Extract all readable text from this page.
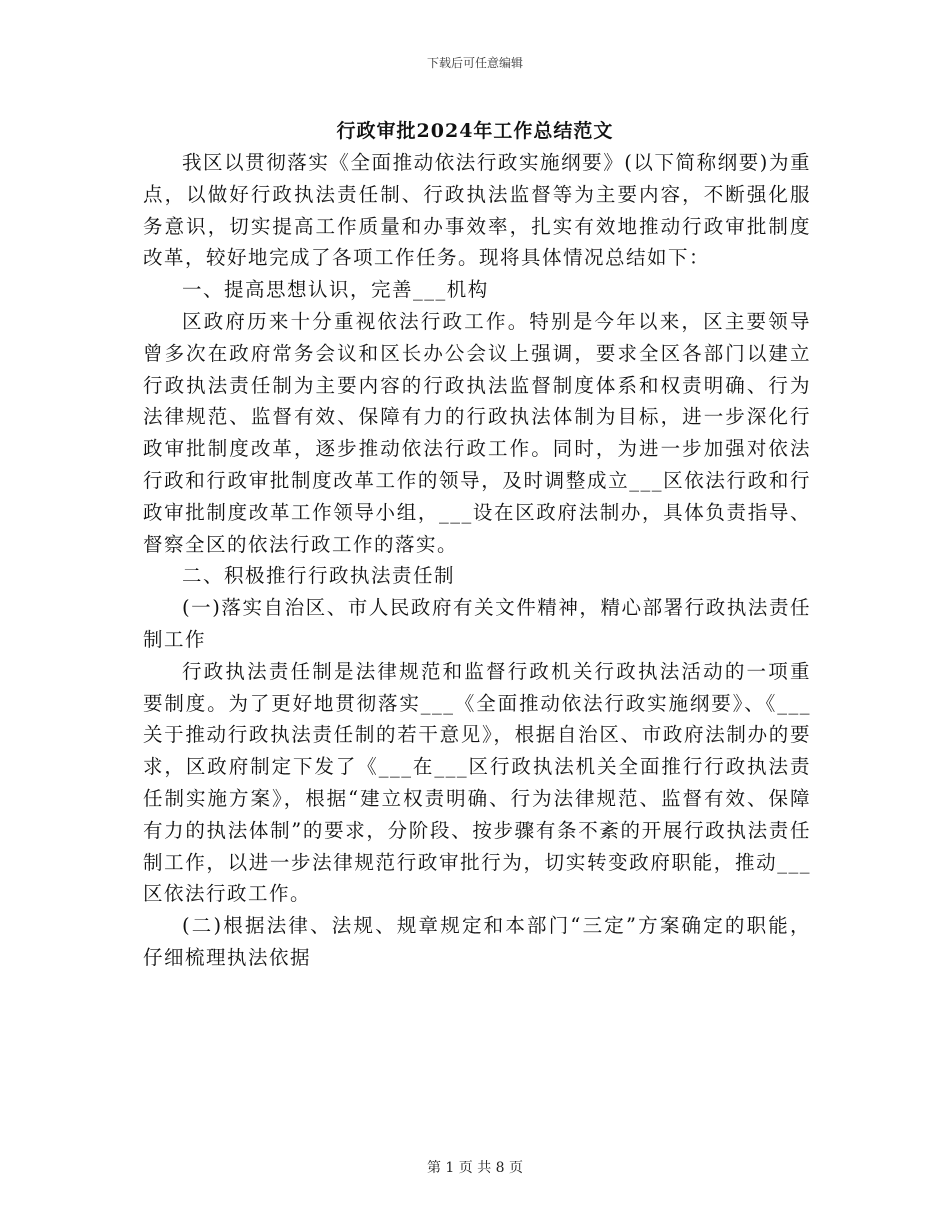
下载后可任意编辑
行政审批2024年工作总结范文

我区以贯彻落实《全面推动依法行政实施纲要》(以下简称纲要)为重点，以做好行政执法责任制、行政执法监督等为主要内容，不断强化服务意识，切实提高工作质量和办事效率，扎实有效地推动行政审批制度改革，较好地完成了各项工作任务。现将具体情况总结如下：

一、提高思想认识，完善___机构

区政府历来十分重视依法行政工作。特别是今年以来，区主要领导曾多次在政府常务会议和区长办公会议上强调，要求全区各部门以建立行政执法责任制为主要内容的行政执法监督制度体系和权责明确、行为法律规范、监督有效、保障有力的行政执法体制为目标，进一步深化行政审批制度改革，逐步推动依法行政工作。同时，为进一步加强对依法行政和行政审批制度改革工作的领导，及时调整成立___区依法行政和行政审批制度改革工作领导小组，___设在区政府法制办，具体负责指导、督察全区的依法行政工作的落实。

二、积极推行行政执法责任制

(一)落实自治区、市人民政府有关文件精神，精心部署行政执法责任制工作

行政执法责任制是法律规范和监督行政机关行政执法活动的一项重要制度。为了更好地贯彻落实___《全面推动依法行政实施纲要》、《___关于推动行政执法责任制的若干意见》，根据自治区、市政府法制办的要求，区政府制定下发了《___在___区行政执法机关全面推行行政执法责任制实施方案》，根据“建立权责明确、行为法律规范、监督有效、保障有力的执法体制”的要求，分阶段、按步骤有条不紊的开展行政执法责任制工作，以进一步法律规范行政审批行为，切实转变政府职能，推动___区依法行政工作。

(二)根据法律、法规、规章规定和本部门“三定”方案确定的职能，仔细梳理执法依据

第 1 页 共 8 页
